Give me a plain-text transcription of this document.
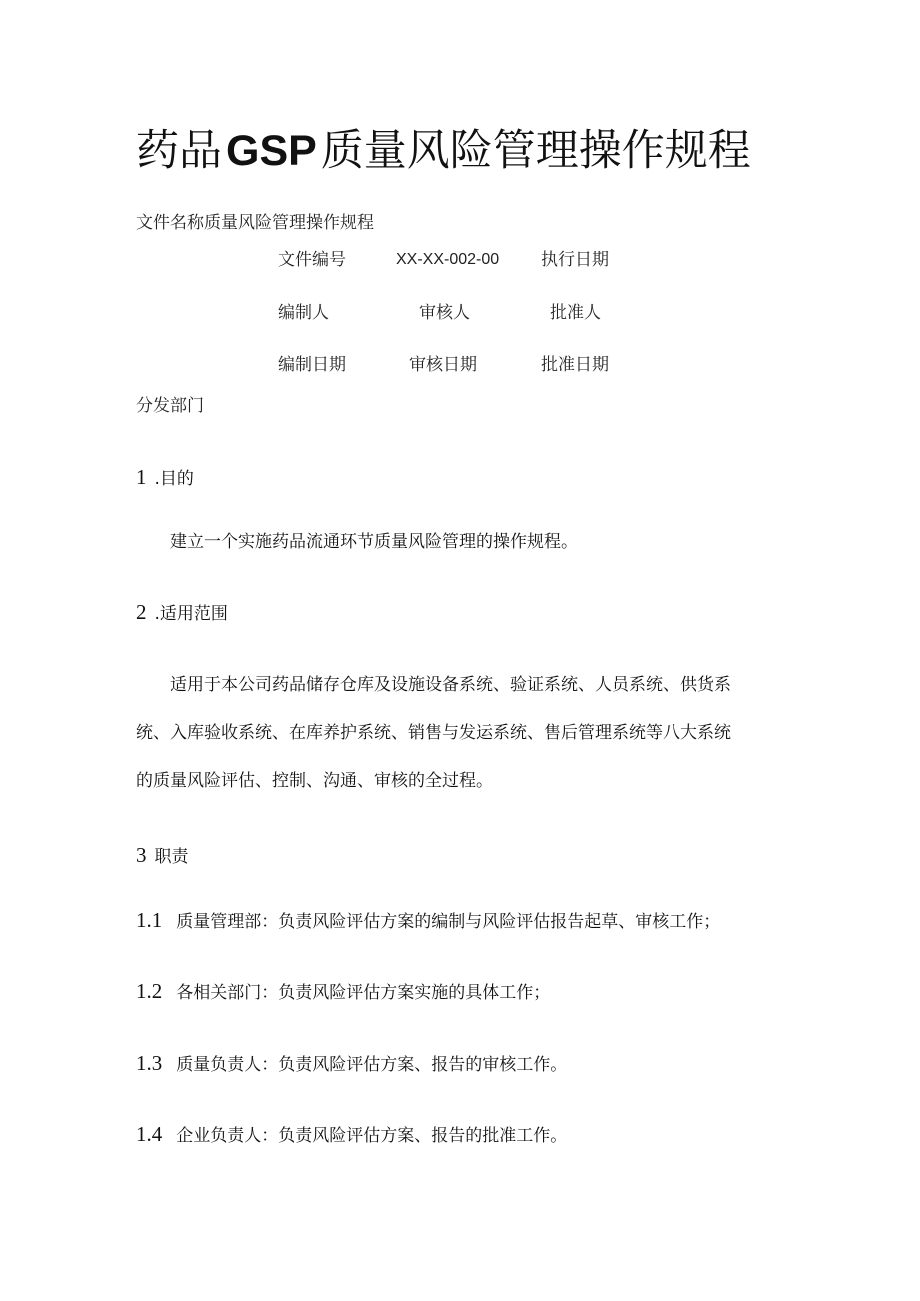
药品GSP质量风险管理操作规程
文件名称质量风险管理操作规程
文件编号	XX-XX-002-00 执行日期
编制人	审核人	批准人
编制日期	审核日期	批准日期
分发部门
1 .目的
建立一个实施药品流通环节质量风险管理的操作规程。
2 .适用范围
适用于本公司药品储存仓库及设施设备系统、验证系统、人员系统、供货系
统、入库验收系统、在库养护系统、销售与发运系统、售后管理系统等八大系统
的质量风险评估、控制、沟通、审核的全过程。
3 职责
1.1 质量管理部：负责风险评估方案的编制与风险评估报告起草、审核工作；
1.2 各相关部门：负责风险评估方案实施的具体工作；
1.3 质量负责人：负责风险评估方案、报告的审核工作。
1.4 企业负责人：负责风险评估方案、报告的批准工作。
